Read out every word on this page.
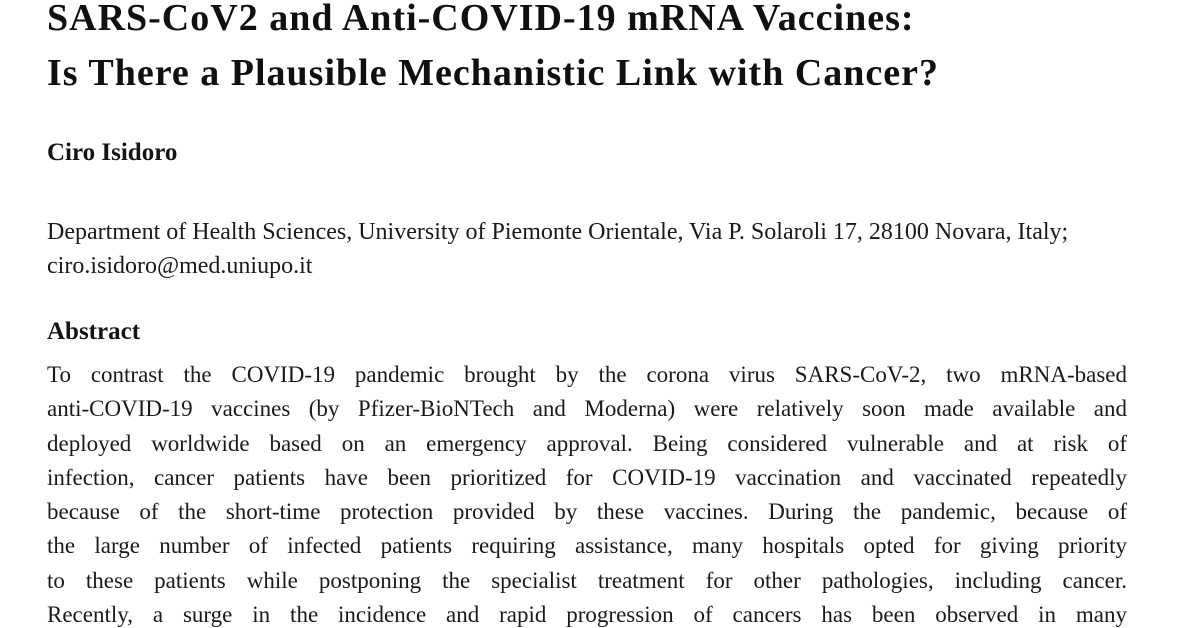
SARS-CoV2 and Anti-COVID-19 mRNA Vaccines:
Is There a Plausible Mechanistic Link with Cancer?
Ciro Isidoro
Department of Health Sciences, University of Piemonte Orientale, Via P. Solaroli 17, 28100 Novara, Italy;
ciro.isidoro@med.uniupo.it
Abstract
To contrast the COVID-19 pandemic brought by the corona virus SARS-CoV-2, two mRNA-based
anti-COVID-19 vaccines (by Pfizer-BioNTech and Moderna) were relatively soon made available and
deployed worldwide based on an emergency approval. Being considered vulnerable and at risk of
infection, cancer patients have been prioritized for COVID-19 vaccination and vaccinated repeatedly
because of the short-time protection provided by these vaccines. During the pandemic, because of
the large number of infected patients requiring assistance, many hospitals opted for giving priority
to these patients while postponing the specialist treatment for other pathologies, including cancer.
Recently, a surge in the incidence and rapid progression of cancers has been observed in many
